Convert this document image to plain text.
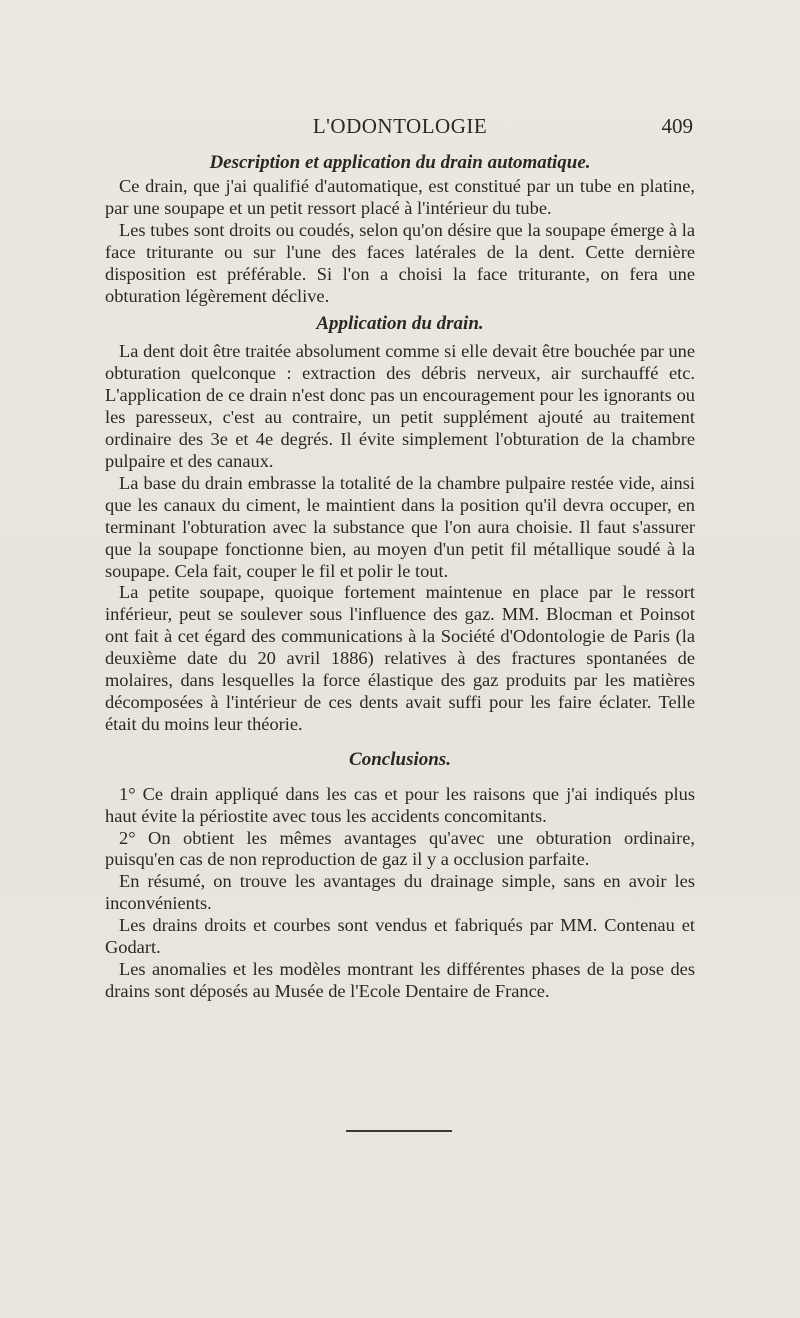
L'ODONTOLOGIE	409
Description et application du drain automatique.

Ce drain, que j'ai qualifié d'automatique, est constitué par un tube en platine, par une soupape et un petit ressort placé à l'intérieur du tube.

Les tubes sont droits ou coudés, selon qu'on désire que la soupape émerge à la face triturante ou sur l'une des faces latérales de la dent. Cette dernière disposition est préférable. Si l'on a choisi la face triturante, on fera une obturation légèrement déclive.

Application du drain.

La dent doit être traitée absolument comme si elle devait être bouchée par une obturation quelconque : extraction des débris nerveux, air surchauffé etc. L'application de ce drain n'est donc pas un encouragement pour les ignorants ou les paresseux, c'est au contraire, un petit supplément ajouté au traitement ordinaire des 3e et 4e degrés. Il évite simplement l'obturation de la chambre pulpaire et des canaux.

La base du drain embrasse la totalité de la chambre pulpaire restée vide, ainsi que les canaux du ciment, le maintient dans la position qu'il devra occuper, en terminant l'obturation avec la substance que l'on aura choisie. Il faut s'assurer que la soupape fonctionne bien, au moyen d'un petit fil métallique soudé à la soupape. Cela fait, couper le fil et polir le tout.

La petite soupape, quoique fortement maintenue en place par le ressort inférieur, peut se soulever sous l'influence des gaz. MM. Blocman et Poinsot ont fait à cet égard des communications à la Société d'Odontologie de Paris (la deuxième date du 20 avril 1886) relatives à des fractures spontanées de molaires, dans lesquelles la force élastique des gaz produits par les matières décomposées à l'intérieur de ces dents avait suffi pour les faire éclater. Telle était du moins leur théorie.

Conclusions.

1° Ce drain appliqué dans les cas et pour les raisons que j'ai indiqués plus haut évite la périostite avec tous les accidents concomitants.

2° On obtient les mêmes avantages qu'avec une obturation ordinaire, puisqu'en cas de non reproduction de gaz il y a occlusion parfaite.

En résumé, on trouve les avantages du drainage simple, sans en avoir les inconvénients.

Les drains droits et courbes sont vendus et fabriqués par MM. Contenau et Godart.

Les anomalies et les modèles montrant les différentes phases de la pose des drains sont déposés au Musée de l'Ecole Dentaire de France.
